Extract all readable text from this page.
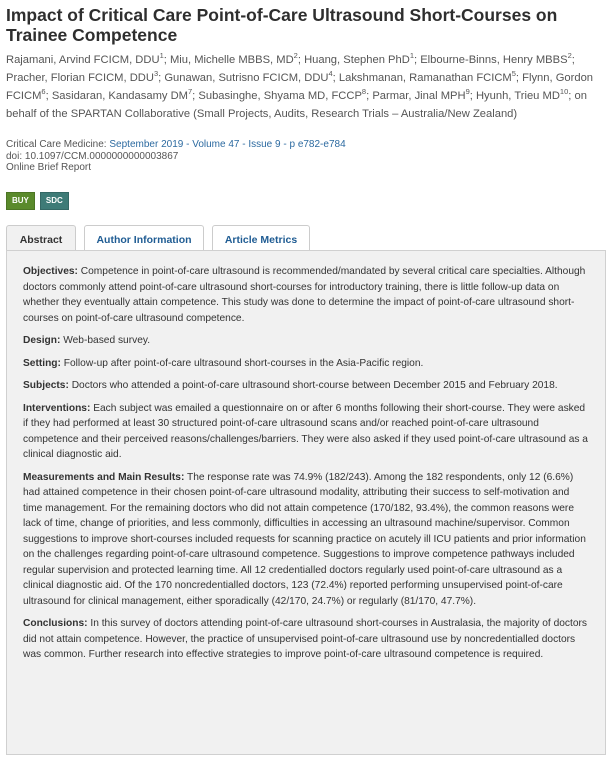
Impact of Critical Care Point-of-Care Ultrasound Short-Courses on Trainee Competence
Rajamani, Arvind FCICM, DDU$^1$; Miu, Michelle MBBS, $MD^2$; Huang, Stephen PhD$^1$; Elbourne-Binns, Henry MBBS$^2$; Pracher, Florian FCICM, DDU$^3$; Gunawan, Sutrisno FCICM, DDU$^4$; Lakshmanan, Ramanathan FCICM$^5$; Flynn, Gordon FCICM$^6$; Sasidaran, Kandasamy $DM^7$; Subasinghe, Shyama MD, FCCP$^8$; Parmar, Jinal MPH$^9$; Hyunh, Trieu MD$^{10}$; on behalf of the SPARTAN Collaborative (Small Projects, Audits, Research Trials – Australia/New Zealand)
Critical Care Medicine: September 2019 - Volume 47 - Issue 9 - p e782-e784
doi: 10.1097/CCM.0000000000003867
Online Brief Report
BUY	SDC
Abstract	Author Information	Article Metrics

Objectives: Competence in point-of-care ultrasound is recommended/mandated by several critical care specialties. Although doctors commonly attend point-of-care ultrasound short-courses for introductory training, there is little follow-up data on whether they eventually attain competence. This study was done to determine the impact of point-of-care ultrasound short-courses on point-of-care ultrasound competence.

Design: Web-based survey.

Setting: Follow-up after point-of-care ultrasound short-courses in the Asia-Pacific region.

Subjects: Doctors who attended a point-of-care ultrasound short-course between December 2015 and February 2018.

Interventions: Each subject was emailed a questionnaire on or after 6 months following their short-course. They were asked if they had performed at least 30 structured point-of-care ultrasound scans and/or reached point-of-care ultrasound competence and their perceived reasons/challenges/barriers. They were also asked if they used point-of-care ultrasound as a clinical diagnostic aid.

Measurements and Main Results: The response rate was 74.9% (182/243). Among the 182 respondents, only 12 (6.6%) had attained competence in their chosen point-of-care ultrasound modality, attributing their success to self-motivation and time management. For the remaining doctors who did not attain competence (170/182, 93.4%), the common reasons were lack of time, change of priorities, and less commonly, difficulties in accessing an ultrasound machine/supervisor. Common suggestions to improve short-courses included requests for scanning practice on acutely ill ICU patients and prior information on the challenges regarding point-of-care ultrasound competence. Suggestions to improve competence pathways included regular supervision and protected learning time. All 12 credentialled doctors regularly used point-of-care ultrasound as a clinical diagnostic aid. Of the 170 noncredentialled doctors, 123 (72.4%) reported performing unsupervised point-of-care ultrasound for clinical management, either sporadically (42/170, 24.7%) or regularly (81/170, 47.7%).

Conclusions: In this survey of doctors attending point-of-care ultrasound short-courses in Australasia, the majority of doctors did not attain competence. However, the practice of unsupervised point-of-care ultrasound use by noncredentialled doctors was common. Further research into effective strategies to improve point-of-care ultrasound competence is required.
